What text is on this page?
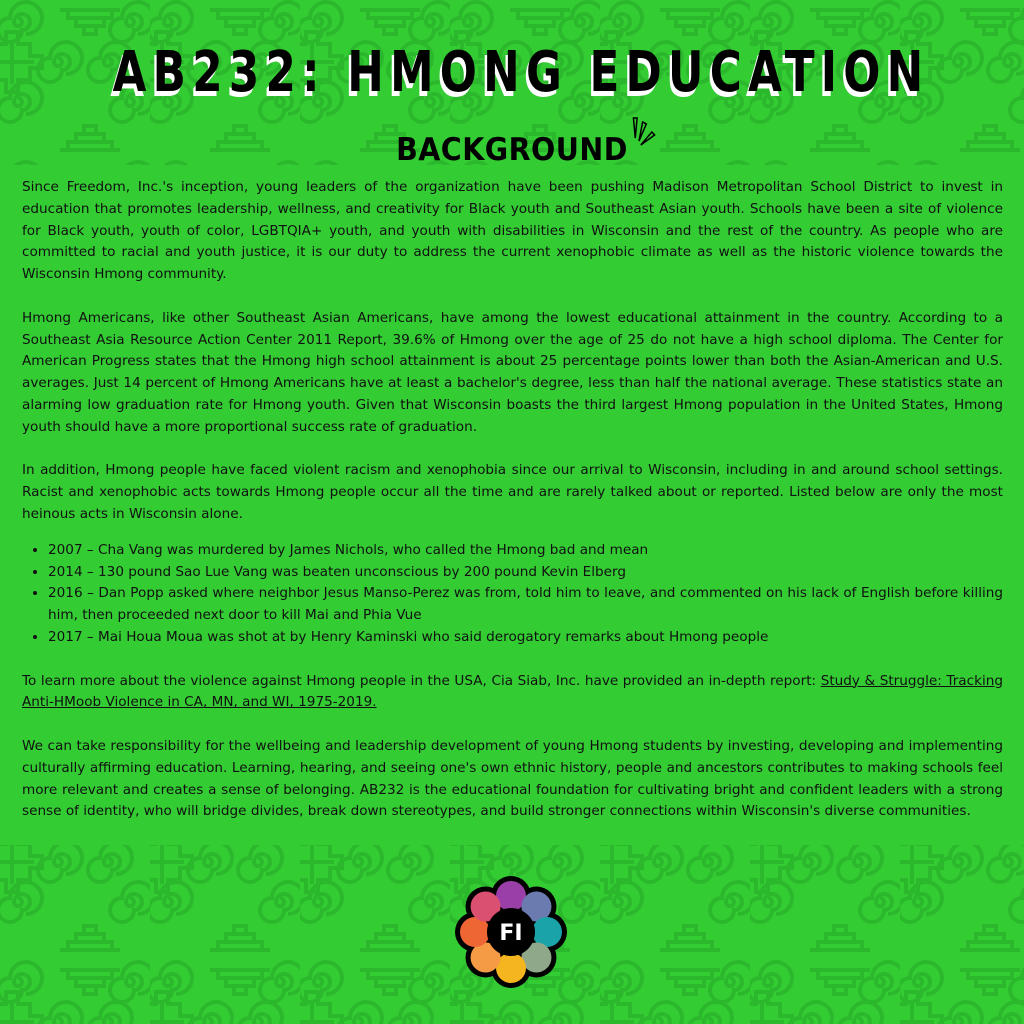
AB232: HMONG EDUCATION
BACKGROUND

Since Freedom, Inc.'s inception, young leaders of the organization have been pushing Madison Metropolitan School District to invest in education that promotes leadership, wellness, and creativity for Black youth and Southeast Asian youth. Schools have been a site of violence for Black youth, youth of color, LGBTQIA+ youth, and youth with disabilities in Wisconsin and the rest of the country. As people who are committed to racial and youth justice, it is our duty to address the current xenophobic climate as well as the historic violence towards the Wisconsin Hmong community.

Hmong Americans, like other Southeast Asian Americans, have among the lowest educational attainment in the country. According to a Southeast Asia Resource Action Center 2011 Report, 39.6% of Hmong over the age of 25 do not have a high school diploma. The Center for American Progress states that the Hmong high school attainment is about 25 percentage points lower than both the Asian-American and U.S. averages. Just 14 percent of Hmong Americans have at least a bachelor's degree, less than half the national average. These statistics state an alarming low graduation rate for Hmong youth. Given that Wisconsin boasts the third largest Hmong population in the United States, Hmong youth should have a more proportional success rate of graduation.

In addition, Hmong people have faced violent racism and xenophobia since our arrival to Wisconsin, including in and around school settings. Racist and xenophobic acts towards Hmong people occur all the time and are rarely talked about or reported. Listed below are only the most heinous acts in Wisconsin alone.

• 2007 – Cha Vang was murdered by James Nichols, who called the Hmong bad and mean
• 2014 – 130 pound Sao Lue Vang was beaten unconscious by 200 pound Kevin Elberg
• 2016 – Dan Popp asked where neighbor Jesus Manso-Perez was from, told him to leave, and commented on his lack of English before killing him, then proceeded next door to kill Mai and Phia Vue
• 2017 – Mai Houa Moua was shot at by Henry Kaminski who said derogatory remarks about Hmong people

To learn more about the violence against Hmong people in the USA, Cia Siab, Inc. have provided an in-depth report: Study & Struggle: Tracking Anti-HMoob Violence in CA, MN, and WI, 1975-2019.

We can take responsibility for the wellbeing and leadership development of young Hmong students by investing, developing and implementing culturally affirming education. Learning, hearing, and seeing one's own ethnic history, people and ancestors contributes to making schools feel more relevant and creates a sense of belonging. AB232 is the educational foundation for cultivating bright and confident leaders with a strong sense of identity, who will bridge divides, break down stereotypes, and build stronger connections within Wisconsin's diverse communities.

FI
